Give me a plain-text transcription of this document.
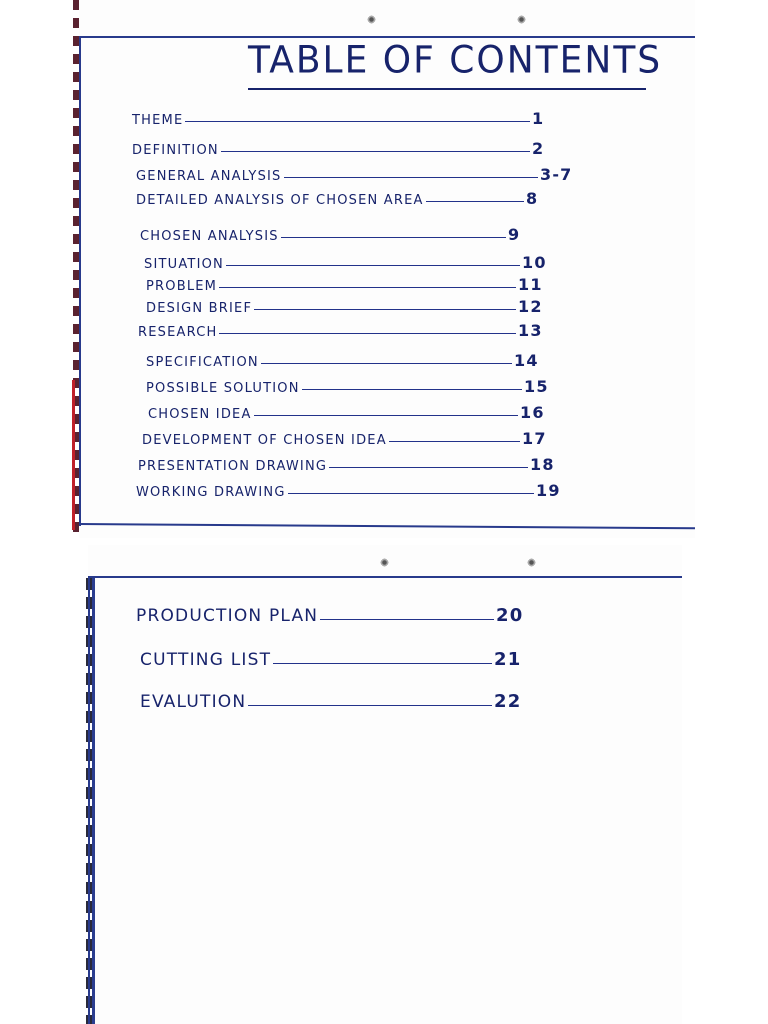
TABLE OF CONTENTS
THEME	1
DEFINITION	2
GENERAL ANALYSIS	3-7
DETAILED ANALYSIS OF CHOSEN AREA	8
CHOSEN ANALYSIS	9
SITUATION	10
PROBLEM	11
DESIGN BRIEF	12
RESEARCH	13
SPECIFICATION	14
POSSIBLE SOLUTION	15
CHOSEN IDEA	16
DEVELOPMENT OF CHOSEN IDEA	17
PRESENTATION DRAWING	18
WORKING DRAWING	19
PRODUCTION PLAN	20
CUTTING LIST	21
EVALUTION	22
